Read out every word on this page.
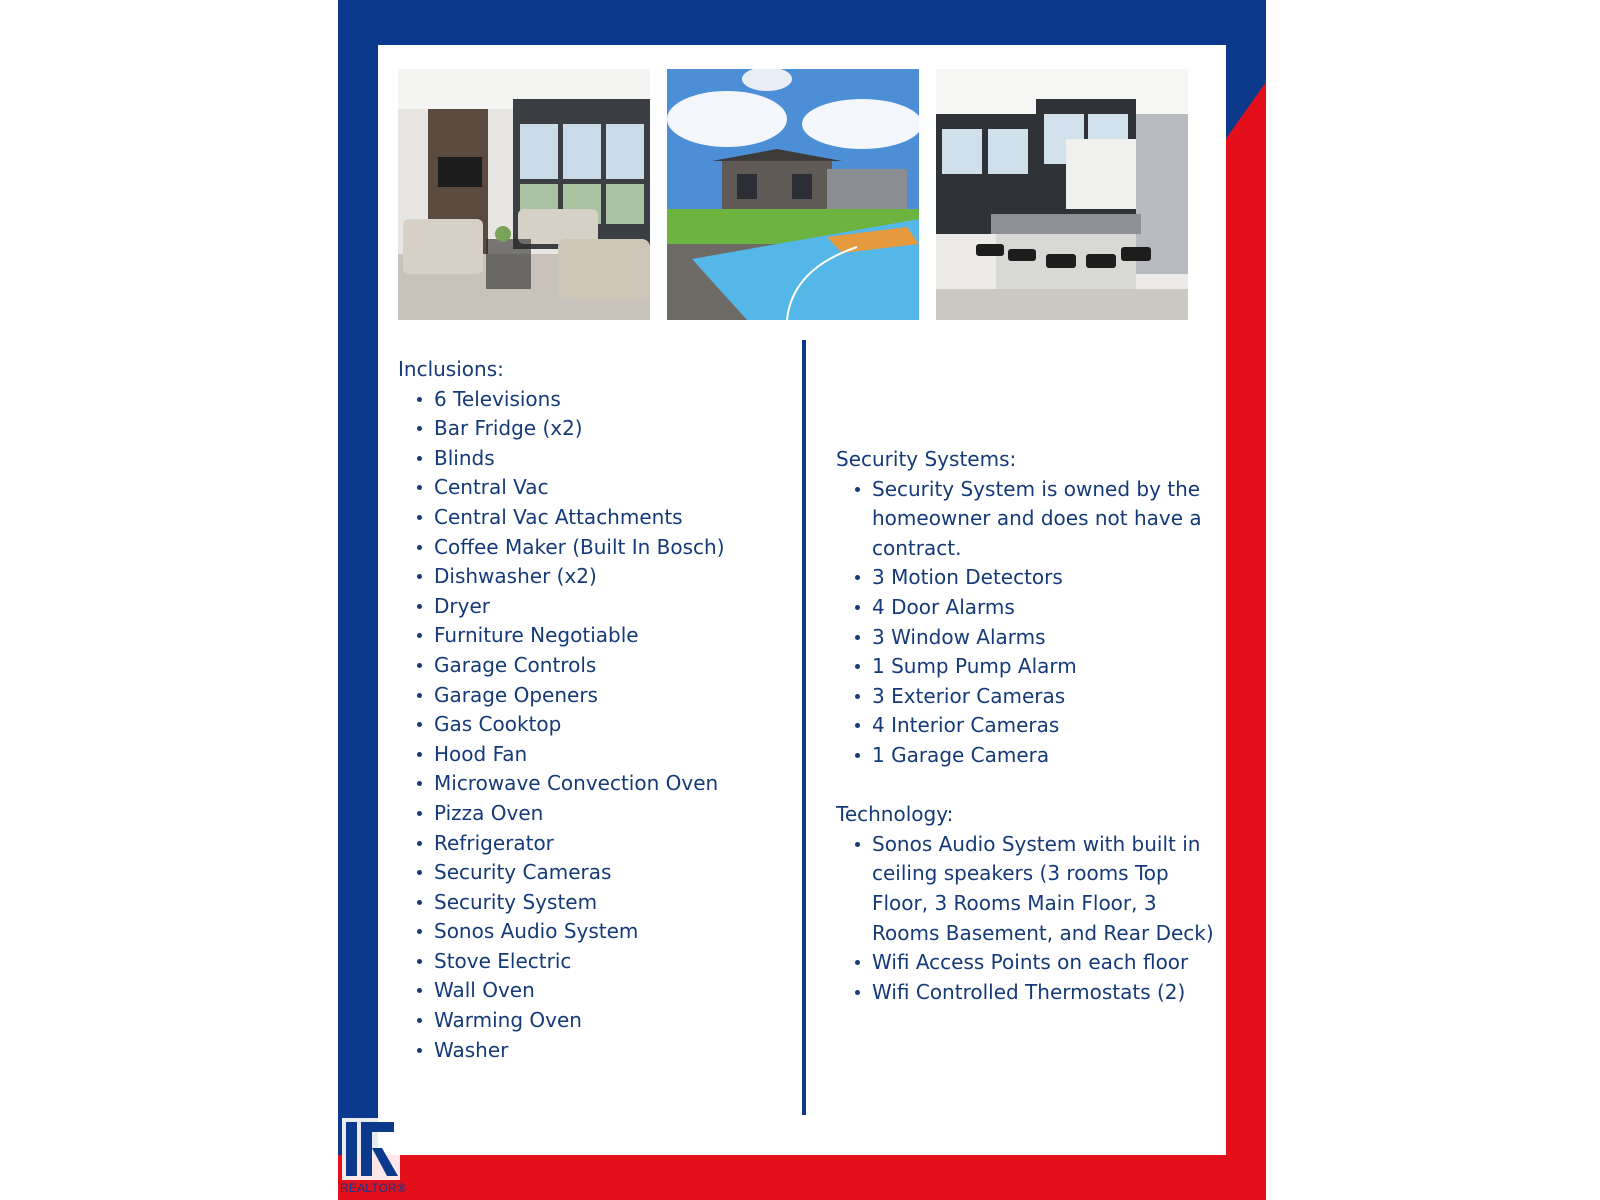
Inclusions:
6 Televisions
Bar Fridge (x2)
Blinds
Central Vac
Central Vac Attachments
Coffee Maker (Built In Bosch)
Dishwasher (x2)
Dryer
Furniture Negotiable
Garage Controls
Garage Openers
Gas Cooktop
Hood Fan
Microwave Convection Oven
Pizza Oven
Refrigerator
Security Cameras
Security System
Sonos Audio System
Stove Electric
Wall Oven
Warming Oven
Washer
Security Systems:
Security System is owned by the homeowner and does not have a contract.
3 Motion Detectors
4 Door Alarms
3 Window Alarms
1 Sump Pump Alarm
3 Exterior Cameras
4 Interior Cameras
1 Garage Camera
Technology:
Sonos Audio System with built in ceiling speakers (3 rooms Top Floor, 3 Rooms Main Floor, 3 Rooms Basement, and Rear Deck)
Wifi Access Points on each floor
Wifi Controlled Thermostats (2)
REALTOR®
